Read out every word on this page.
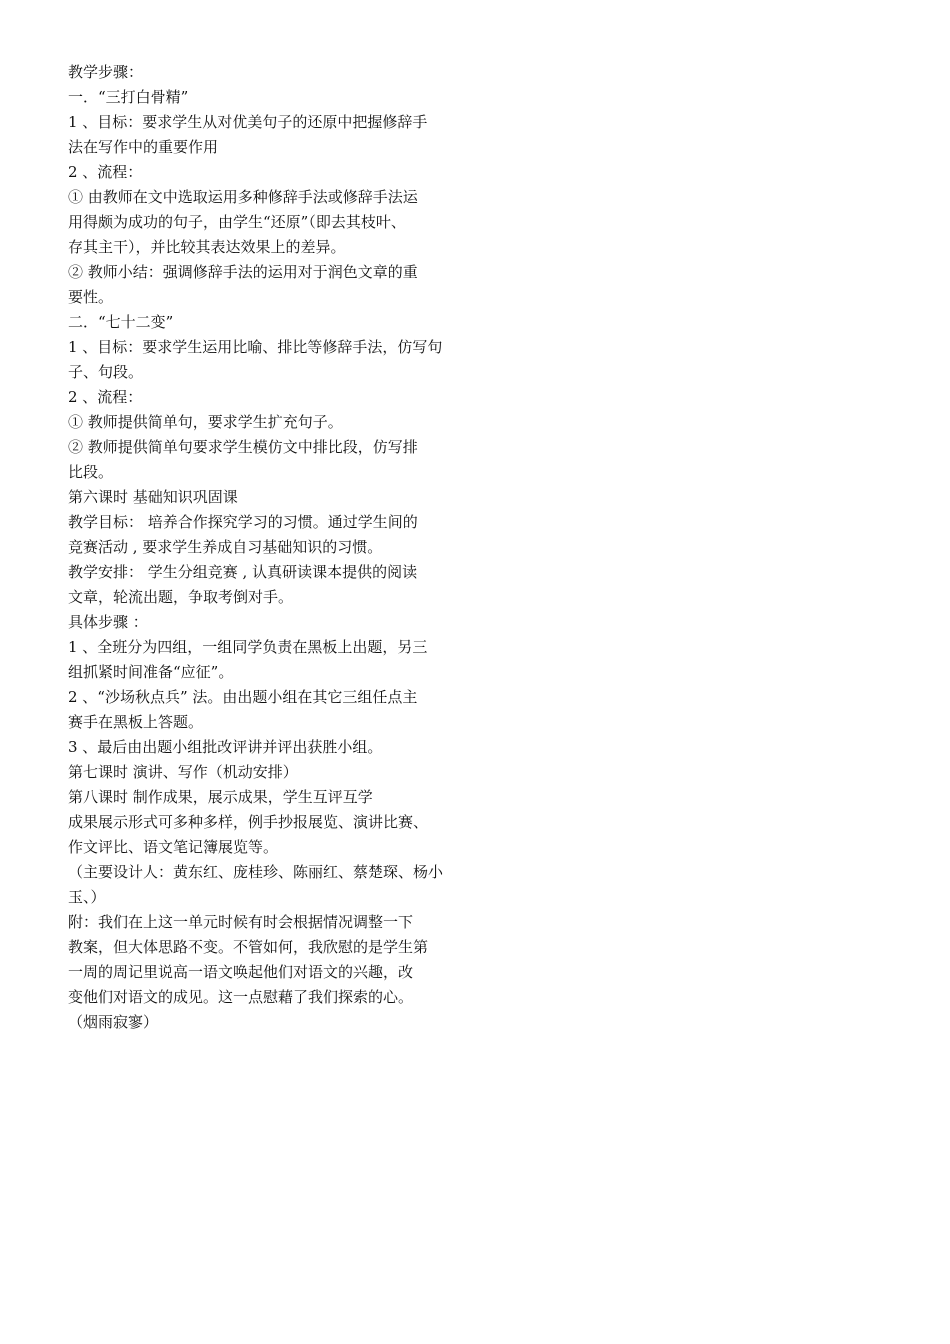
教学步骤：
一．“三打白骨精”
1 、目标：要求学生从对优美句子的还原中把握修辞手
法在写作中的重要作用
2 、流程：
① 由教师在文中选取运用多种修辞手法或修辞手法运
用得颇为成功的句子，由学生“还原”（即去其枝叶、
存其主干），并比较其表达效果上的差异。
② 教师小结：强调修辞手法的运用对于润色文章的重
要性。
二．“七十二变”
1 、目标：要求学生运用比喻、排比等修辞手法，仿写句
子、句段。
2 、流程：
① 教师提供简单句，要求学生扩充句子。
② 教师提供简单句要求学生模仿文中排比段，仿写排
比段。
第六课时 基础知识巩固课
教学目标： 培养合作探究学习的习惯。通过学生间的
竞赛活动 , 要求学生养成自习基础知识的习惯。
教学安排： 学生分组竞赛 , 认真研读课本提供的阅读
文章，轮流出题，争取考倒对手。
具体步骤 ：
1 、全班分为四组，一组同学负责在黑板上出题，另三
组抓紧时间准备“应征”。
2 、“沙场秋点兵” 法。由出题小组在其它三组任点主
赛手在黑板上答题。
3 、最后由出题小组批改评讲并评出获胜小组。
第七课时 演讲、写作（机动安排）
第八课时 制作成果，展示成果，学生互评互学
成果展示形式可多种多样，例手抄报展览、演讲比赛、
作文评比、语文笔记簿展览等。
（主要设计人：黄东红、庞桂珍、陈丽红、蔡楚琛、杨小
玉、）
附：我们在上这一单元时候有时会根据情况调整一下
教案，但大体思路不变。不管如何，我欣慰的是学生第
一周的周记里说高一语文唤起他们对语文的兴趣，改
变他们对语文的成见。这一点慰藉了我们探索的心。
（烟雨寂寥）
